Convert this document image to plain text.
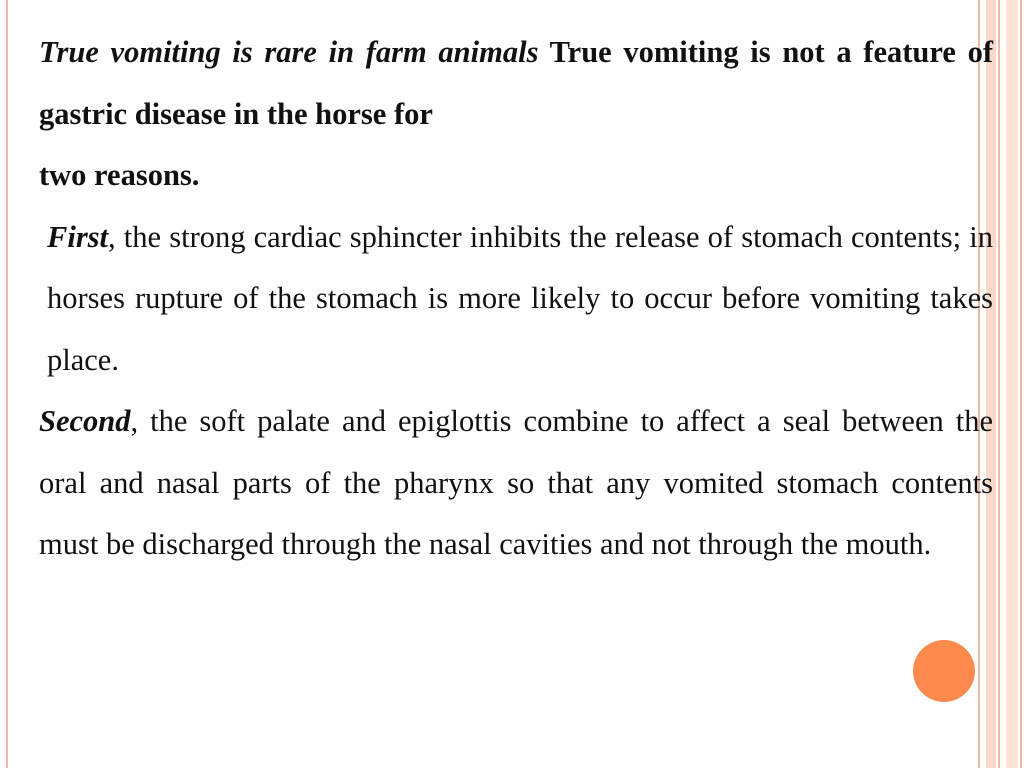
True vomiting is rare in farm animals True vomiting is not a feature of gastric disease in the horse for

two reasons.

First, the strong cardiac sphincter inhibits the release of stomach contents; in horses rupture of the stomach is more likely to occur before vomiting takes place.

Second, the soft palate and epiglottis combine to affect a seal between the oral and nasal parts of the pharynx so that any vomited stomach contents must be discharged through the nasal cavities and not through the mouth.
